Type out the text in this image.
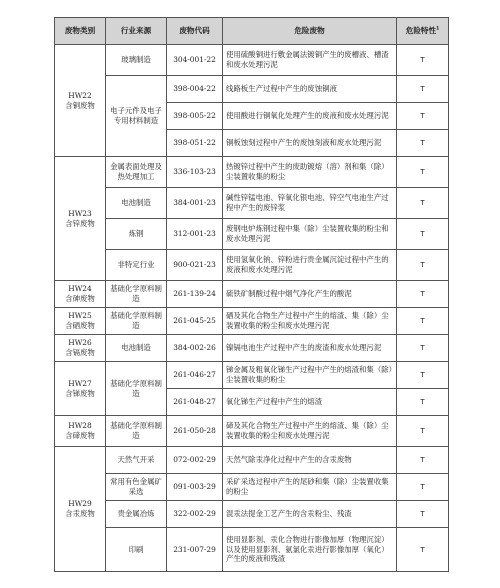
废物类别	行业来源	废物代码	危险废物	危险特性$^1$

HW22
含铜废物	玻璃制造	304-001-22	使用硫酸铜进行敷金属法镀铜产生的废槽液、槽渣和废水处理污泥	T
	电子元件及电子专用材料制造	398-004-22	线路板生产过程中产生的废蚀铜液	T
		398-005-22	使用酸进行铜氧化处理产生的废液和废水处理污泥	T
		398-051-22	铜板蚀刻过程中产生的废蚀刻液和废水处理污泥	T

HW23
含锌废物	金属表面处理及热处理加工	336-103-23	热镀锌过程中产生的废助镀熔（溶）剂和集（除）尘装置收集的粉尘	T
	电池制造	384-001-23	碱性锌锰电池、锌氧化银电池、锌空气电池生产过程中产生的废锌浆	T
	炼钢	312-001-23	废钢电炉炼钢过程中集（除）尘装置收集的粉尘和废水处理污泥	T
	非特定行业	900-021-23	使用氢氧化钠、锌粉进行贵金属沉淀过程中产生的废液和废水处理污泥	T

HW24
含砷废物	基础化学原料制造	261-139-24	硫铁矿制酸过程中烟气净化产生的酸泥	T

HW25
含硒废物	基础化学原料制造	261-045-25	硒及其化合物生产过程中产生的熔渣、集（除）尘装置收集的粉尘和废水处理污泥	T

HW26
含镉废物	电池制造	384-002-26	镍镉电池生产过程中产生的废渣和废水处理污泥	T

HW27
含锑废物	基础化学原料制造	261-046-27	锑金属及粗氧化锑生产过程中产生的熔渣和集（除）尘装置收集的粉尘	T
		261-048-27	氧化锑生产过程中产生的熔渣	T

HW28
含碲废物	基础化学原料制造	261-050-28	碲及其化合物生产过程中产生的熔渣、集（除）尘装置收集的粉尘和废水处理污泥	T

HW29
含汞废物	天然气开采	072-002-29	天然气除汞净化过程中产生的含汞废物	T
	常用有色金属矿采选	091-003-29	采矿采选过程中产生的尾砂和集（除）尘装置收集的粉尘	T
	贵金属冶炼	322-002-29	混汞法提金工艺产生的含汞粉尘、残渣	T
	印刷	231-007-29	使用显影剂、汞化合物进行影像加厚（物理沉淀）以及使用显影剂、氨氯化汞进行影像加厚（氧化）产生的废液和残渣	T
